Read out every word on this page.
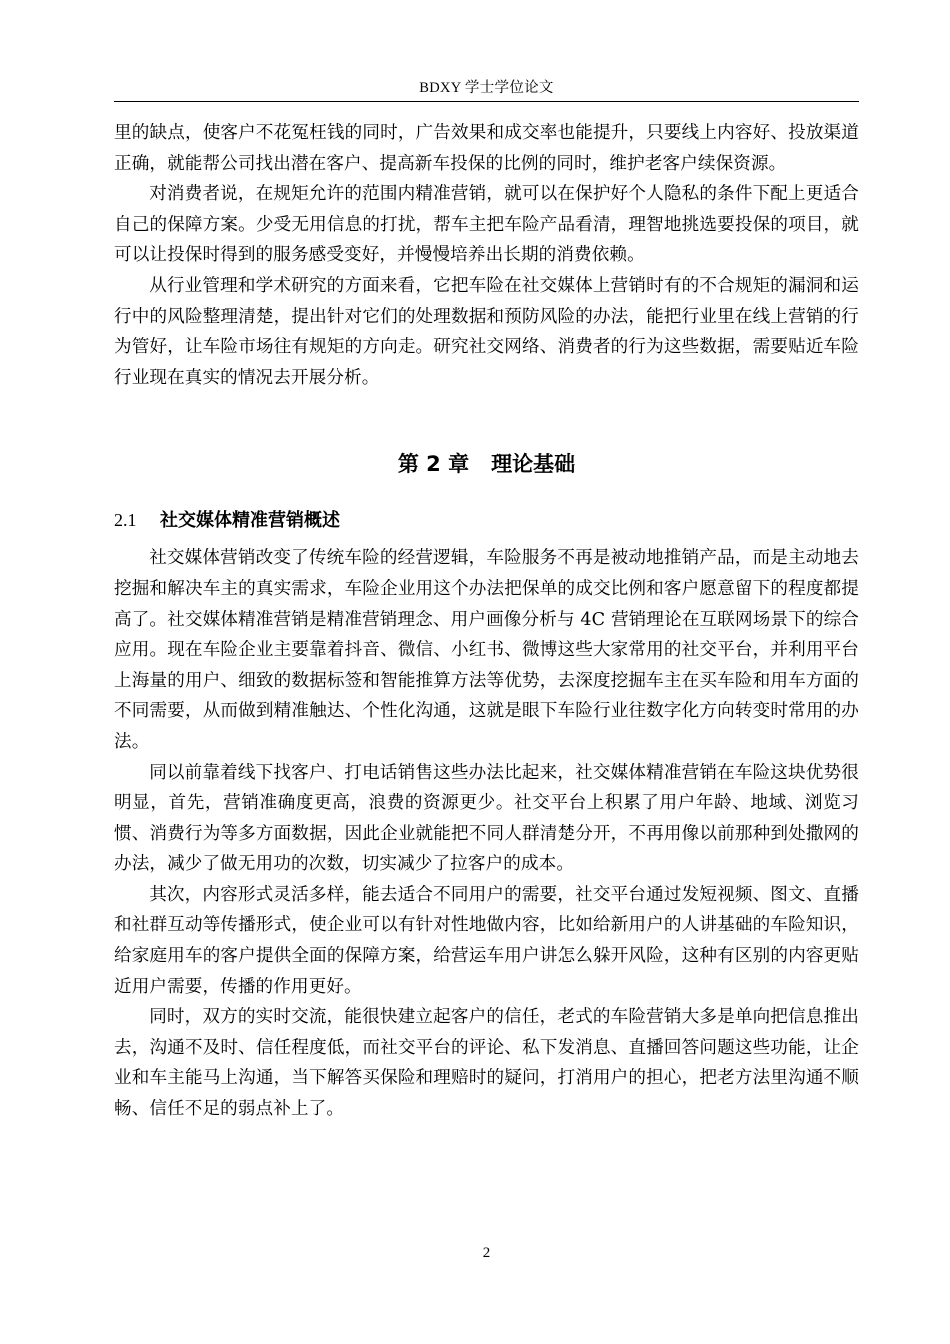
BDXY 学士学位论文

里的缺点，使客户不花冤枉钱的同时，广告效果和成交率也能提升，只要线上内容好、投放渠道正确，就能帮公司找出潜在客户、提高新车投保的比例的同时，维护老客户续保资源。

对消费者说，在规矩允许的范围内精准营销，就可以在保护好个人隐私的条件下配上更适合自己的保障方案。少受无用信息的打扰，帮车主把车险产品看清，理智地挑选要投保的项目，就可以让投保时得到的服务感受变好，并慢慢培养出长期的消费依赖。

从行业管理和学术研究的方面来看，它把车险在社交媒体上营销时有的不合规矩的漏洞和运行中的风险整理清楚，提出针对它们的处理数据和预防风险的办法，能把行业里在线上营销的行为管好，让车险市场往有规矩的方向走。研究社交网络、消费者的行为这些数据，需要贴近车险行业现在真实的情况去开展分析。

第 2 章 理论基础
2.1 社交媒体精准营销概述

社交媒体营销改变了传统车险的经营逻辑，车险服务不再是被动地推销产品，而是主动地去挖掘和解决车主的真实需求，车险企业用这个办法把保单的成交比例和客户愿意留下的程度都提高了。社交媒体精准营销是精准营销理念、用户画像分析与 4C 营销理论在互联网场景下的综合应用。现在车险企业主要靠着抖音、微信、小红书、微博这些大家常用的社交平台，并利用平台上海量的用户、细致的数据标签和智能推算方法等优势，去深度挖掘车主在买车险和用车方面的不同需要，从而做到精准触达、个性化沟通，这就是眼下车险行业往数字化方向转变时常用的办法。

同以前靠着线下找客户、打电话销售这些办法比起来，社交媒体精准营销在车险这块优势很明显，首先，营销准确度更高，浪费的资源更少。社交平台上积累了用户年龄、地域、浏览习惯、消费行为等多方面数据，因此企业就能把不同人群清楚分开，不再用像以前那种到处撒网的办法，减少了做无用功的次数，切实减少了拉客户的成本。

其次，内容形式灵活多样，能去适合不同用户的需要，社交平台通过发短视频、图文、直播和社群互动等传播形式，使企业可以有针对性地做内容，比如给新用户的人讲基础的车险知识，给家庭用车的客户提供全面的保障方案，给营运车用户讲怎么躲开风险，这种有区别的内容更贴近用户需要，传播的作用更好。

同时，双方的实时交流，能很快建立起客户的信任，老式的车险营销大多是单向把信息推出去，沟通不及时、信任程度低，而社交平台的评论、私下发消息、直播回答问题这些功能，让企业和车主能马上沟通，当下解答买保险和理赔时的疑问，打消用户的担心，把老方法里沟通不顺畅、信任不足的弱点补上了。

2
